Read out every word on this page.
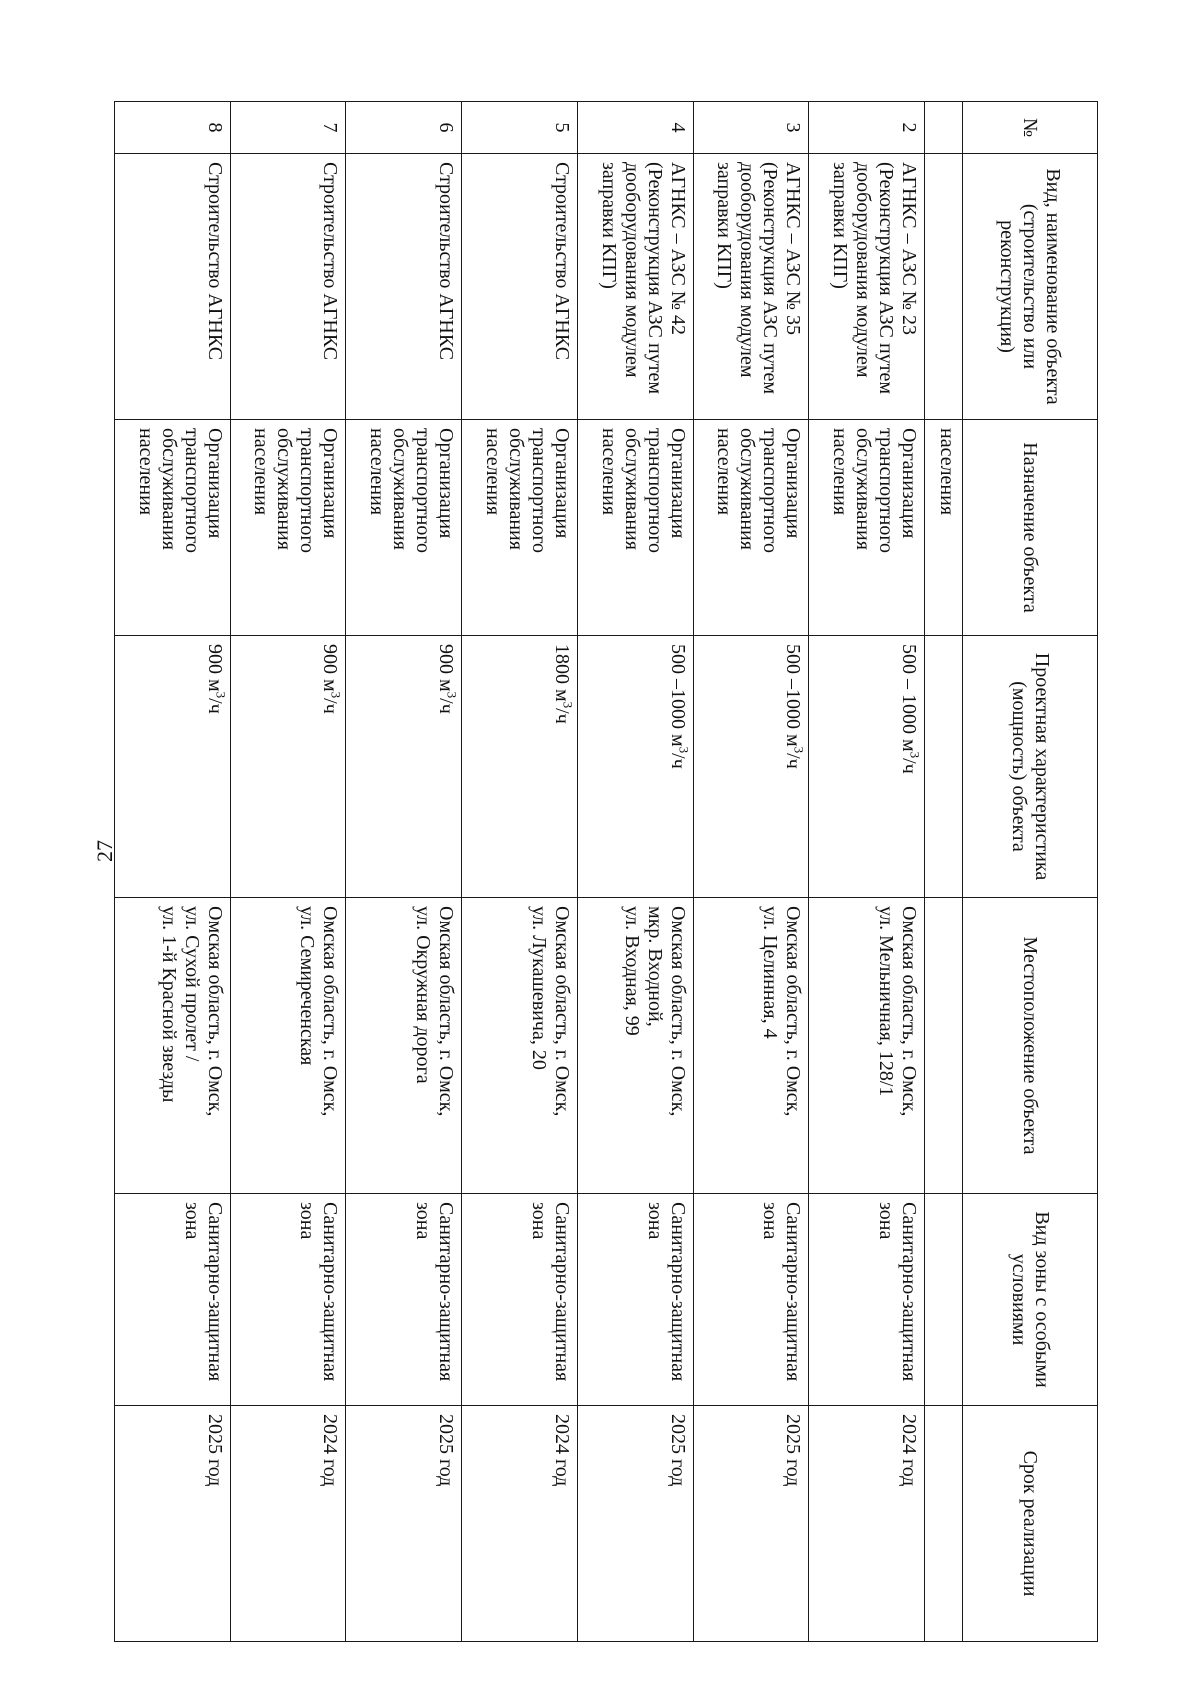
27
№	Вид, наименование объекта (строительство или реконструкция)	Назначение объекта	Проектная характеристика (мощность) объекта	Местоположение объекта	Вид зоны с особыми условиями	Срок реализации
		населения				
2	АГНКС – АЗС № 23 (Реконструкция АЗС путем дооборудования модулем заправки КПГ)	Организация транспортного обслуживания населения	500 – 1000 $м^3/ч$	Омская область, г. Омск,
ул. Мельничная, 128/1	Санитарно-защитная зона	2024 год
3	АГНКС – АЗС № 35 (Реконструкция АЗС путем дооборудования модулем заправки КПГ)	Организация транспортного обслуживания населения	500 –1000 $м^3/ч$	Омская область, г. Омск,
ул. Целинная, 4	Санитарно-защитная зона	2025 год
4	АГНКС – АЗС № 42 (Реконструкция АЗС путем дооборудования модулем заправки КПГ)	Организация транспортного обслуживания населения	500 –1000 $м^3/ч$	Омская область, г. Омск,
мкр. Входной,
ул. Входная, 99	Санитарно-защитная зона	2025 год
5	Строительство АГНКС	Организация транспортного обслуживания населения	1800 $м^3/ч$	Омская область, г. Омск,
ул. Лукашевича, 20	Санитарно-защитная зона	2024 год
6	Строительство АГНКС	Организация транспортного обслуживания населения	900 $м^3/ч$	Омская область, г. Омск,
ул. Окружная дорога	Санитарно-защитная зона	2025 год
7	Строительство АГНКС	Организация транспортного обслуживания населения	900 $м^3/ч$	Омская область, г. Омск,
ул. Семиреченская	Санитарно-защитная зона	2024 год
8	Строительство АГНКС	Организация транспортного обслуживания населения	900 $м^3/ч$	Омская область, г. Омск,
ул. Сухой пролет /
ул. 1-й Красной звезды	Санитарно-защитная зона	2025 год
